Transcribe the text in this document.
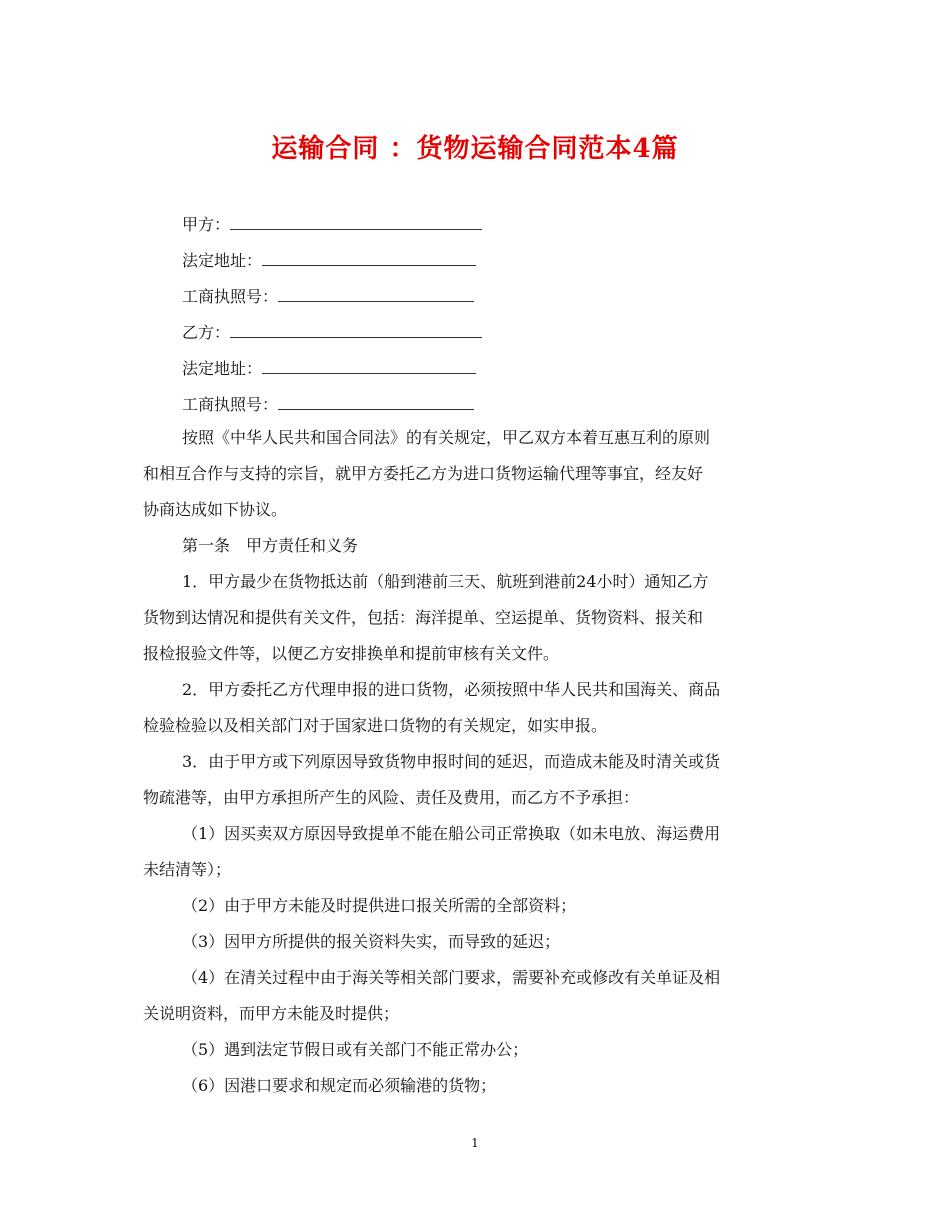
运输合同 ：货物运输合同范本4篇
甲方：
法定地址：
工商执照号：
乙方：
法定地址：
工商执照号：
按照《中华人民共和国合同法》的有关规定，甲乙双方本着互惠互利的原则
和相互合作与支持的宗旨，就甲方委托乙方为进口货物运输代理等事宜，经友好
协商达成如下协议。
第一条　甲方责任和义务
1．甲方最少在货物抵达前（船到港前三天、航班到港前24小时）通知乙方
货物到达情况和提供有关文件，包括：海洋提单、空运提单、货物资料、报关和
报检报验文件等，以便乙方安排换单和提前审核有关文件。
2．甲方委托乙方代理申报的进口货物，必须按照中华人民共和国海关、商品
检验检验以及相关部门对于国家进口货物的有关规定，如实申报。
3．由于甲方或下列原因导致货物申报时间的延迟，而造成未能及时清关或货
物疏港等，由甲方承担所产生的风险、责任及费用，而乙方不予承担：
（1）因买卖双方原因导致提单不能在船公司正常换取（如未电放、海运费用
未结清等）；
（2）由于甲方未能及时提供进口报关所需的全部资料；
（3）因甲方所提供的报关资料失实，而导致的延迟；
（4）在清关过程中由于海关等相关部门要求，需要补充或修改有关单证及相
关说明资料，而甲方未能及时提供；
（5）遇到法定节假日或有关部门不能正常办公；
（6）因港口要求和规定而必须输港的货物；
1
